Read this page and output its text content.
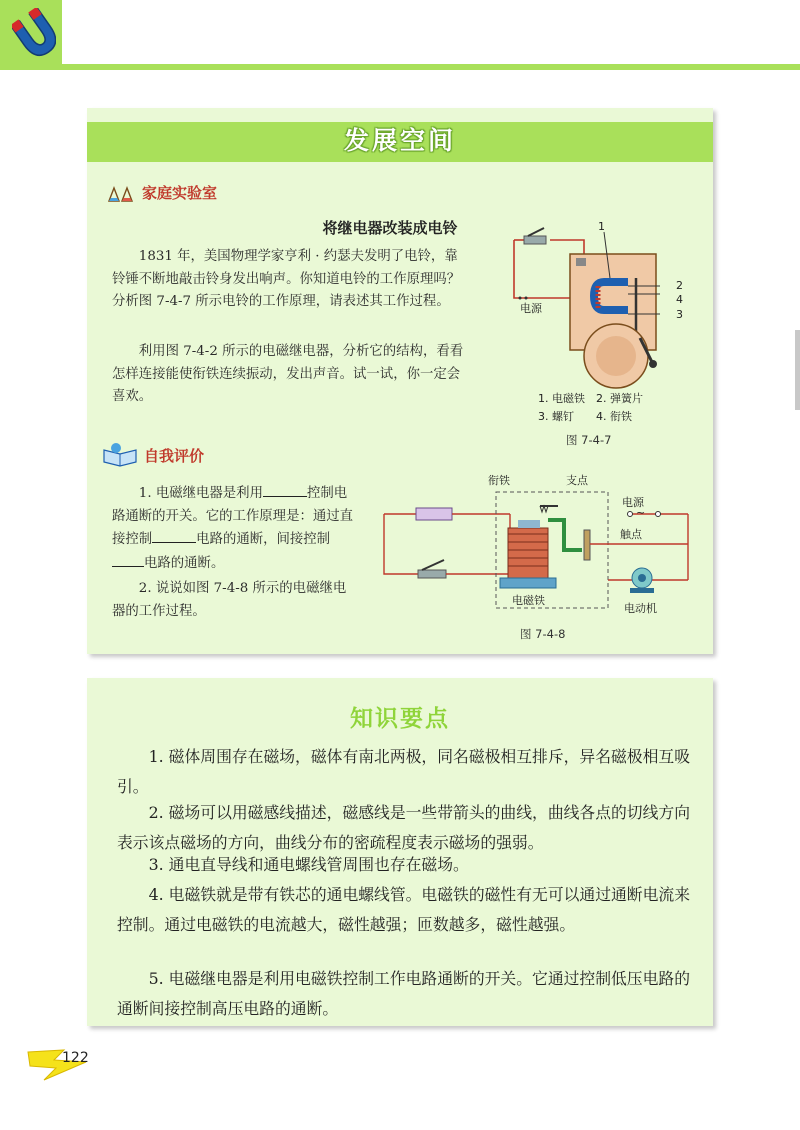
发展空间
家庭实验室
将继电器改装成电铃
1831 年，美国物理学家亨利 · 约瑟夫发明了电铃，靠铃锤不断地敲击铃身发出响声。你知道电铃的工作原理吗？分析图 7-4-7 所示电铃的工作原理，请表述其工作过程。
利用图 7-4-2 所示的电磁继电器，分析它的结构，看看怎样连接能使衔铁连续振动，发出声音。试一试，你一定会喜欢。
电源
1
2
4
3
1. 电磁铁　2. 弹簧片
3. 螺钉　　4. 衔铁
图 7-4-7
自我评价
1. 电磁继电器是利用	控制电路通断的开关。它的工作原理是：通过直接控制	电路的通断，间接控制电路的通断。
2. 说说如图 7-4-8 所示的电磁继电器的工作过程。
衔铁	支点
电源
~
触点
电磁铁
电动机
图 7-4-8
知识要点
1. 磁体周围存在磁场，磁体有南北两极，同名磁极相互排斥，异名磁极相互吸引。
2. 磁场可以用磁感线描述，磁感线是一些带箭头的曲线，曲线各点的切线方向表示该点磁场的方向，曲线分布的密疏程度表示磁场的强弱。
3. 通电直导线和通电螺线管周围也存在磁场。
4. 电磁铁就是带有铁芯的通电螺线管。电磁铁的磁性有无可以通过通断电流来控制。通过电磁铁的电流越大，磁性越强；匝数越多，磁性越强。
5. 电磁继电器是利用电磁铁控制工作电路通断的开关。它通过控制低压电路的通断间接控制高压电路的通断。
122
